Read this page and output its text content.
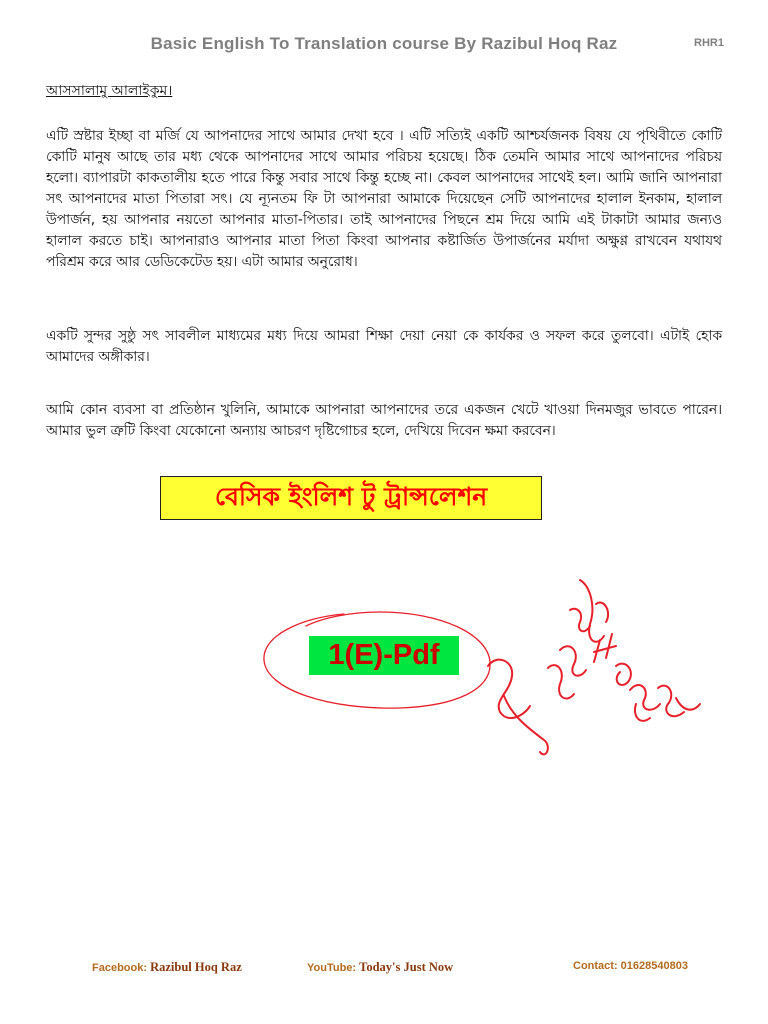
Basic English To Translation course By Razibul Hoq Raz	RHR1
আসসালামু আলাইকুম।

এটি স্রষ্টার ইচ্ছা বা মর্জি যে আপনাদের সাথে আমার দেখা হবে । এটি সত্যিই একটি আশ্চর্যজনক বিষয় যে পৃথিবীতে কোটি কোটি মানুষ আছে তার মধ্য থেকে আপনাদের সাথে আমার পরিচয় হয়েছে। ঠিক তেমনি আমার সাথে আপনাদের পরিচয় হলো। ব্যাপারটা কাকতালীয় হতে পারে কিন্তু সবার সাথে কিন্তু হচ্ছে না। কেবল আপনাদের সাথেই হল। আমি জানি আপনারা সৎ আপনাদের মাতা পিতারা সৎ। যে ন্যূনতম ফি টা আপনারা আমাকে দিয়েছেন সেটি আপনাদের হালাল ইনকাম, হালাল উপার্জন, হয় আপনার নয়তো আপনার মাতা-পিতার। তাই আপনাদের পিছনে শ্রম দিয়ে আমি এই টাকাটা আমার জন্যও হালাল করতে চাই। আপনারাও আপনার মাতা পিতা কিংবা আপনার কষ্টার্জিত উপার্জনের মর্যাদা অক্ষুণ্ণ রাখবেন যথাযথ পরিশ্রম করে আর ডেডিকেটেড হয়। এটা আমার অনুরোধ।

একটি সুন্দর সুষ্ঠু সৎ সাবলীল মাধ্যমের মধ্য দিয়ে আমরা শিক্ষা দেয়া নেয়া কে কার্যকর ও সফল করে তুলবো। এটাই হোক আমাদের অঙ্গীকার।

আমি কোন ব্যবসা বা প্রতিষ্ঠান খুলিনি, আমাকে আপনারা আপনাদের তরে একজন খেটে খাওয়া দিনমজুর ভাবতে পারেন। আমার ভুল ত্রুটি কিংবা যেকোনো অন্যায় আচরণ দৃষ্টিগোচর হলে, দেখিয়ে দিবেন ক্ষমা করবেন।

বেসিক ইংলিশ টু ট্রান্সলেশন
1(E)-Pdf
Facebook: Razibul Hoq Raz	YouTube: Today's Just Now	Contact: 01628540803
